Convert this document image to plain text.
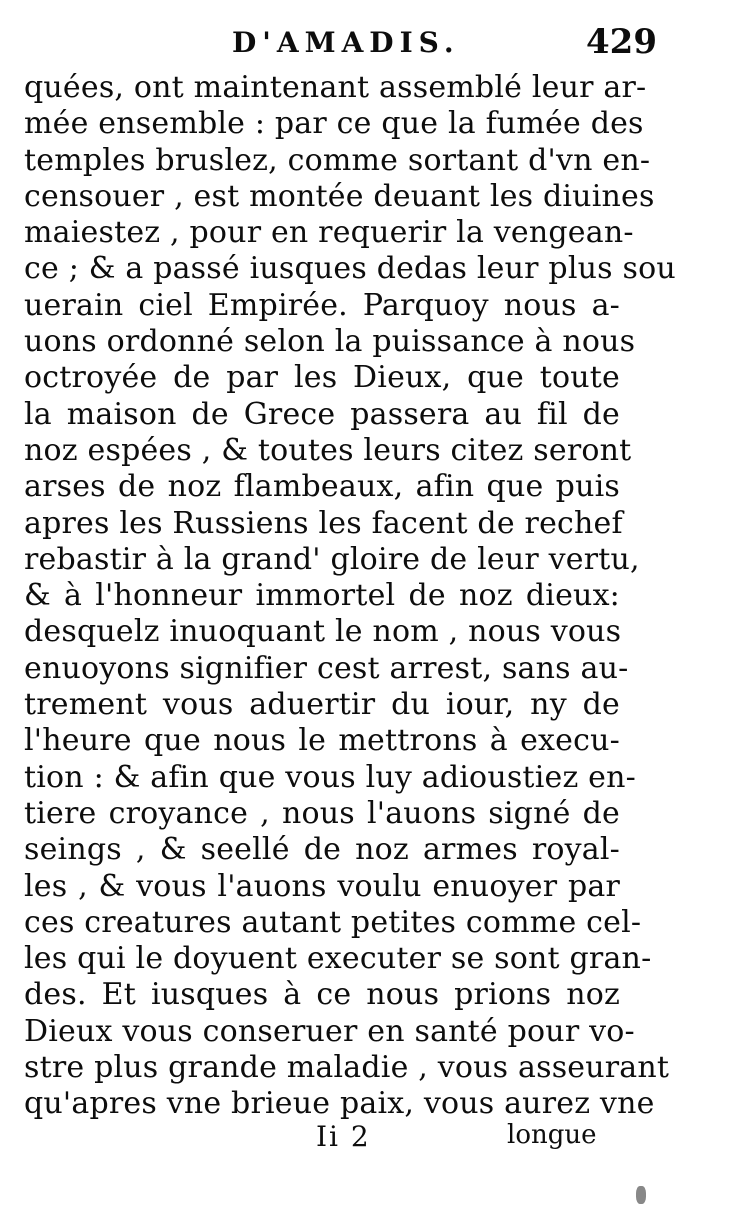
D'AMADIS.	429
quées, ont maintenant assemblé leur ar-
mée ensemble : par ce que la fumée des
temples bruslez, comme sortant d'vn en-
censouer , est montée deuant les diuines
maiestez , pour en requerir la vengean-
ce ; & a passé iusques dedas leur plus sou
uerain ciel Empirée. Parquoy nous a-
uons ordonné selon la puissance à nous
octroyée de par les Dieux, que toute
la maison de Grece passera au fil de
noz espées , & toutes leurs citez seront
arses de noz flambeaux, afin que puis
apres les Russiens les facent de rechef
rebastir à la grand' gloire de leur vertu,
& à l'honneur immortel de noz dieux:
desquelz inuoquant le nom , nous vous
enuoyons signifier cest arrest, sans au-
trement vous aduertir du iour, ny de
l'heure que nous le mettrons à execu-
tion : & afin que vous luy adioustiez en-
tiere croyance , nous l'auons signé de
seings , & seellé de noz armes royal-
les , & vous l'auons voulu enuoyer par
ces creatures autant petites comme cel-
les qui le doyuent executer se sont gran-
des. Et iusques à ce nous prions noz
Dieux vous conseruer en santé pour vo-
stre plus grande maladie , vous asseurant
qu'apres vne brieue paix, vous aurez vne
Ii 2	longue
